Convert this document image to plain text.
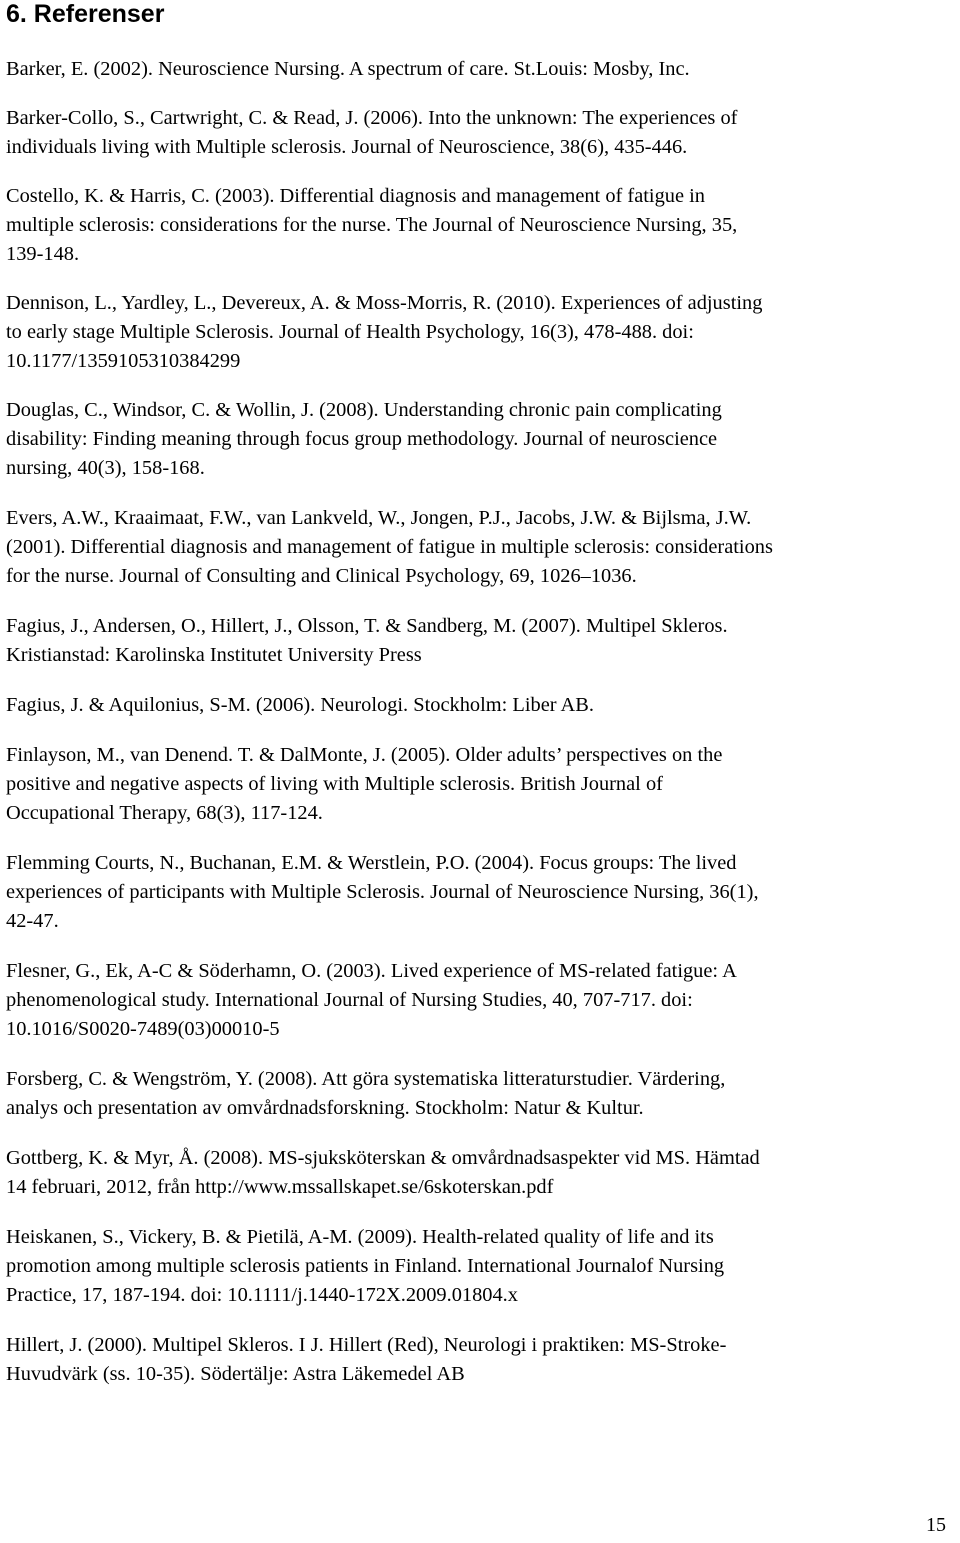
6. Referenser
Barker, E. (2002). Neuroscience Nursing. A spectrum of care. St.Louis: Mosby, Inc.
Barker-Collo, S., Cartwright, C. & Read, J. (2006). Into the unknown: The experiences of
individuals living with Multiple sclerosis. Journal of Neuroscience, 38(6), 435-446.
Costello, K. & Harris, C. (2003). Differential diagnosis and management of fatigue in
multiple sclerosis: considerations for the nurse. The Journal of Neuroscience Nursing, 35,
139-148.
Dennison, L., Yardley, L., Devereux, A. & Moss-Morris, R. (2010). Experiences of adjusting
to early stage Multiple Sclerosis. Journal of Health Psychology, 16(3), 478-488. doi:
10.1177/1359105310384299
Douglas, C., Windsor, C. & Wollin, J. (2008). Understanding chronic pain complicating
disability: Finding meaning through focus group methodology. Journal of neuroscience
nursing, 40(3), 158-168.
Evers, A.W., Kraaimaat, F.W., van Lankveld, W., Jongen, P.J., Jacobs, J.W. & Bijlsma, J.W.
(2001). Differential diagnosis and management of fatigue in multiple sclerosis: considerations
for the nurse. Journal of Consulting and Clinical Psychology, 69, 1026–1036.
Fagius, J., Andersen, O., Hillert, J., Olsson, T. & Sandberg, M. (2007). Multipel Skleros.
Kristianstad: Karolinska Institutet University Press
Fagius, J. & Aquilonius, S-M. (2006). Neurologi. Stockholm: Liber AB.
Finlayson, M., van Denend. T. & DalMonte, J. (2005). Older adults’ perspectives on the
positive and negative aspects of living with Multiple sclerosis. British Journal of
Occupational Therapy, 68(3), 117-124.
Flemming Courts, N., Buchanan, E.M. & Werstlein, P.O. (2004). Focus groups: The lived
experiences of participants with Multiple Sclerosis. Journal of Neuroscience Nursing, 36(1),
42-47.
Flesner, G., Ek, A-C & Söderhamn, O. (2003). Lived experience of MS-related fatigue: A
phenomenological study. International Journal of Nursing Studies, 40, 707-717. doi:
10.1016/S0020-7489(03)00010-5
Forsberg, C. & Wengström, Y. (2008). Att göra systematiska litteraturstudier. Värdering,
analys och presentation av omvårdnadsforskning. Stockholm: Natur & Kultur.
Gottberg, K. & Myr, Å. (2008). MS-sjuksköterskan & omvårdnadsaspekter vid MS. Hämtad
14 februari, 2012, från http://www.mssallskapet.se/6skoterskan.pdf
Heiskanen, S., Vickery, B. & Pietilä, A-M. (2009). Health-related quality of life and its
promotion among multiple sclerosis patients in Finland. International Journalof Nursing
Practice, 17, 187-194. doi: 10.1111/j.1440-172X.2009.01804.x
Hillert, J. (2000). Multipel Skleros. I J. Hillert (Red), Neurologi i praktiken: MS-Stroke-
Huvudvärk (ss. 10-35). Södertälje: Astra Läkemedel AB
15
